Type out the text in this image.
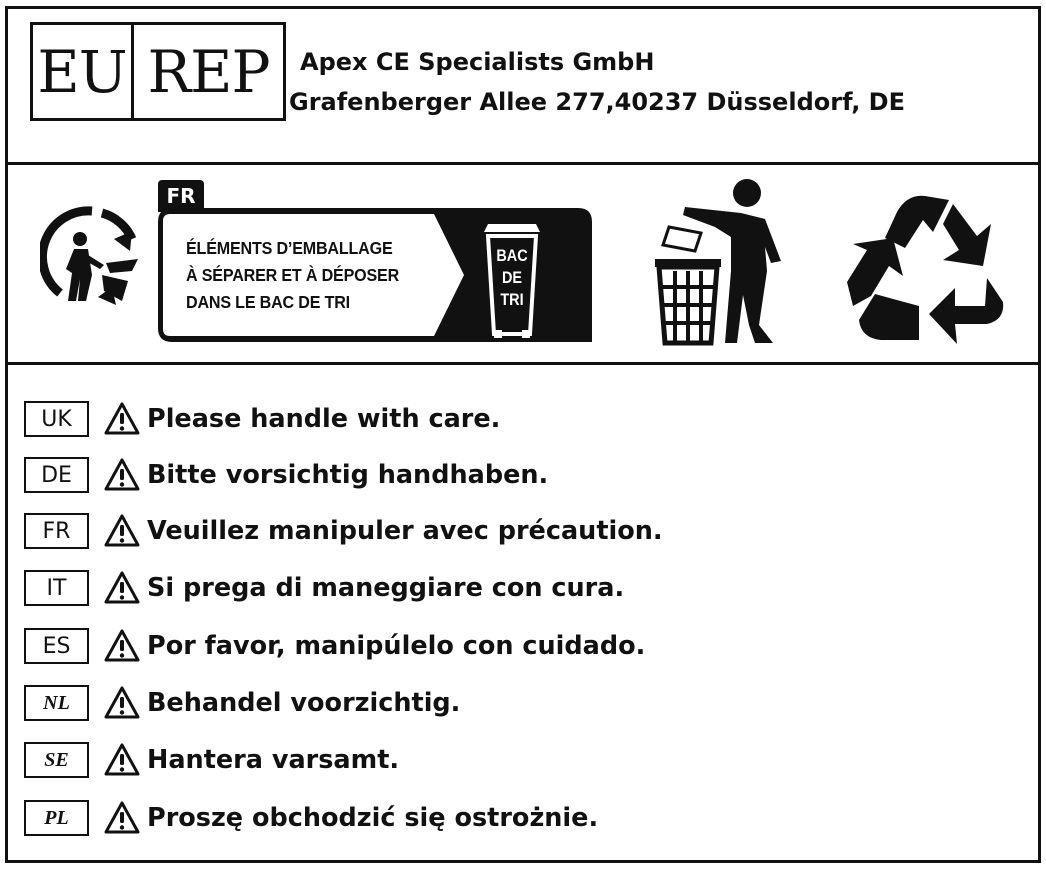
EU REP	Apex CE Specialists GmbH
Grafenberger Allee 277,40237 Düsseldorf, DE
FR
ÉLÉMENTS D’EMBALLAGE
À SÉPARER ET À DÉPOSER
DANS LE BAC DE TRI
BAC
DE
TRI
UK	Please handle with care.
DE	Bitte vorsichtig handhaben.
FR	Veuillez manipuler avec précaution.
IT	Si prega di maneggiare con cura.
ES	Por favor, manipúlelo con cuidado.
NL	Behandel voorzichtig.
SE	Hantera varsamt.
PL	Proszę obchodzić się ostrożnie.
